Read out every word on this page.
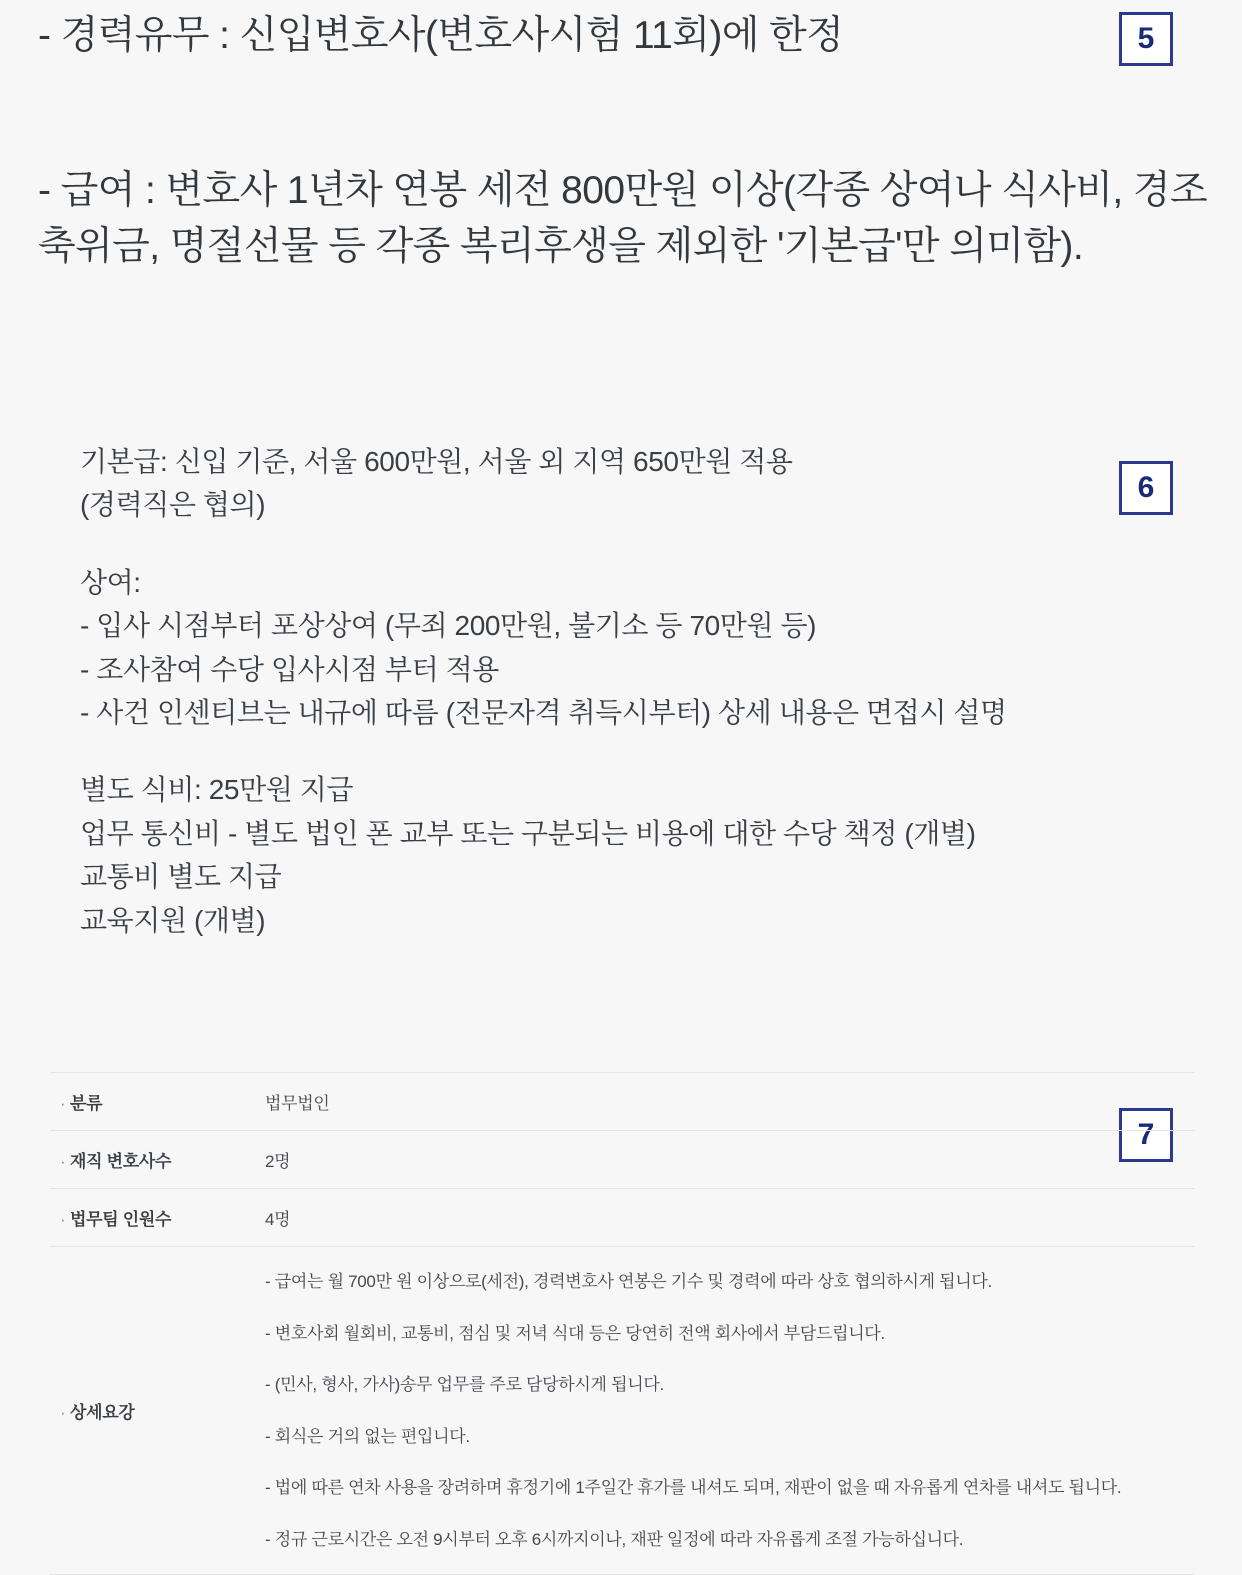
5
6
7
- 경력유무 : 신입변호사(변호사시험 11회)에 한정
- 급여 : 변호사 1년차 연봉 세전 800만원 이상(각종 상여나 식사비, 경조축위금, 명절선물 등 각종 복리후생을 제외한 '기본급'만 의미함).
기본급: 신입 기준, 서울 600만원, 서울 외 지역 650만원 적용
(경력직은 협의)
상여:
- 입사 시점부터 포상상여 (무죄 200만원, 불기소 등 70만원 등)
- 조사참여 수당 입사시점 부터 적용
- 사건 인센티브는 내규에 따름 (전문자격 취득시부터) 상세 내용은 면접시 설명
별도 식비: 25만원 지급
업무 통신비 - 별도 법인 폰 교부 또는 구분되는 비용에 대한 수당 책정 (개별)
교통비 별도 지급
교육지원 (개별)
· 분류	법무법인
· 재직 변호사수	2명
· 법무팀 인원수	4명
· 상세요강	

- 급여는 월 700만 원 이상으로(세전), 경력변호사 연봉은 기수 및 경력에 따라 상호 협의하시게 됩니다.

- 변호사회 월회비, 교통비, 점심 및 저녁 식대 등은 당연히 전액 회사에서 부담드립니다.

- (민사, 형사, 가사)송무 업무를 주로 담당하시게 됩니다.

- 회식은 거의 없는 편입니다.

- 법에 따른 연차 사용을 장려하며 휴정기에 1주일간 휴가를 내셔도 되며, 재판이 없을 때 자유롭게 연차를 내셔도 됩니다.

- 정규 근로시간은 오전 9시부터 오후 6시까지이나, 재판 일정에 따라 자유롭게 조절 가능하십니다.
